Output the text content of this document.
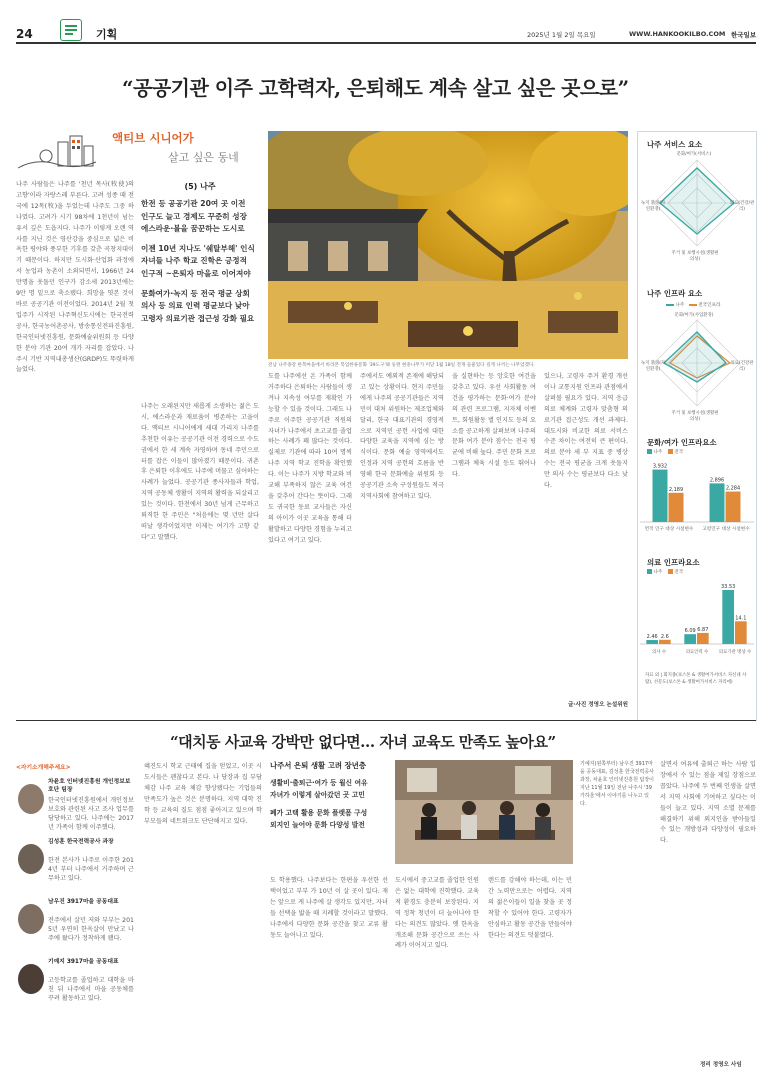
24	기획	2025년 1월 2일 목요일	WWW.HANKOOKILBO.COM 한국일보
“공공기관 이주 고학력자, 은퇴해도 계속 살고 싶은 곳으로”
액티브 시니어가
살고 싶은 동네
나주 사람들은 나주를 '천년 목사(牧使)의 고향'이라 자랑스레 부른다. 고려 성종 때 전국에 12목(牧)을 두었는데 나주도 그중 하나였다. 고려가 시기 98차에 1천년이 넘는 유서 깊은 도읍지다. 나주가 이렇게 오랜 역사를 지닌 것은 영산강을 중심으로 넓은 비옥한 평야와 풍부한 기후를 갖춘 곡창지대이기 때문이다. 하지만 도시화·산업화 과정에서 농업과 농촌이 소외되면서, 1966년 24만명을 웃돌던 인구가 감소세 2013년에는 9만 명 밑으로 축소됐다. 희망을 엿본 것이 바로 공공기관 이전이었다. 2014년 2월 첫 입주가 시작된 나주혁신도시에는 한국전력공사, 한국농어촌공사, 방송통신전파진흥원, 한국인터넷진흥원, 문화예술위원회 등 다양한 분야 기관 20여 개가 자리를 잡았다. 나주시 기반 지역내총생산(GRDP)도 뚜렷하게 늘었다.
나주는 오래된지만 새롭게 소생하는 젊은 도시, 에스라운과 재료움이 병존하는 고을이다. 액티브 시니어에게 세대 가리지 나주를 추천한 이유는 공공기관 이전 경력으로 수도권에서 한 세 계속 자영하며 동네 주민으로 터를 잡은 이들이 많아졌기 때문이다. 귀촌 후 은퇴한 이후에도 나주에 머물고 싶어하는 사례가 늘었다. 공공기관 종사자들과 학업, 지역 공동체 생활이 지역의 활력을 되살리고 있는 것이다. 한전에서 30년 넘게 근무하고 퇴직한 한 주민은 "처음에는 몇 년만 살다 떠날 생각이었지만 이제는 여기가 고향 같다"고 말했다.
(5) 나주
한전 등 공공기관 20여 곳 이전
인구도 늘고 경제도 꾸준히 성장
에스라운·볼을 꿈꾼하는 도시로
이젠 10년 지나도 '쉐탈부해' 인식
자녀들 나주 학교 진학은 긍정적
인구적 ~은퇴자 마을로 이어져야
문화여가·녹지 등 전국 평균 상회
의사 등 의료 인력 평균보다 낮아
고령자 의료기관 접근성 강화 필요
전남 나주종강 한복마을에서 바라본 복업한류문화 '39도구'봐 둥뛴 현중나무가 미닫 1월 18일 전개 들물있다 깊게 나끼는 나무었겠다.
도를 나주에선 온 가족이 함께 거주하다 은퇴하는 사람들이 생겨나 지속성 여부를 재확인 가능할 수 있을 것이다. 그래도 나주로 이주한 공공기관 직원의 자녀가 나주에서 초고교를 졸업하는 사례가 꽤 많다는 것이다. 실제로 기관에 따라 10여 명씩 나주 지역 학교 진학을 확인했다. 이는 나주가 지방 학교와 비교해 부족하지 않은 교육 여건을 갖추어 간다는 뜻이다. 그래도 귀국한 동료 교사들은 자신의 아이가 이곳 교육을 통해 더 활발하고 다양한 경험을 누리고 있다고 여기고 있다.
주에서도 예외적 존재에 해당되고 있는 상황이다. 현지 주민들에게 나주의 공공기관들은 지역민이 대처 위원하는 제조업체와 달리, 한국 대표기관의 경영적으로 지역민 공헌 사업에 대한 다양한 교육을 지역에 심는 방식이다. 문화 예술 영역에서도 인정과 지역 공헌의 흐름을 반영해 한국 문화예술 위원회 등 공공기관 소속 구성원들도 적극 지역사회에 참여하고 있다.
을 실현하는 등 앙호한 여건을 갖추고 있다. 우선 사회활동 여건을 평가하는 문화·여가 분야의 관련 프로그램, 지자체 이벤트, 회원활동 별 인지도 등의 요소를 공고하게 살펴보며 나주의 문화 여가 분야 점수는 전국 평균에 비해 높다. 주민 문화 프로그램과 체육 시설 등도 뛰어나다.
있으나, 고령자 주거 환경 개선이나 교통지원 인프라 관점에서 살펴볼 필요가 있다. 지역 응급 의료 체계와 고령자 맞춤형 의료기관 접근성도 개선 과제다. 대도시와 비교한 의료 서비스 수준 차이는 여전히 큰 편이다. 의료 분야 세 부 지표 중 병상 수는 전국 평균을 크게 웃돌지만 의사 수는 평균보다 다소 낮다.
글·사진 정영오 논설위원
나주 서비스 요소
문화/여가(서비스)
의료(건강/관리)
주거 및 보행시설(생활편의성)
녹지 환경(자연환경)
나주 인프라 요소
나주	전국인프라
문화/여가(사업환경)
의료(건강관리)
주거 및 보행시설(생활편의성)
녹지 환경(자연환경)
문화/여가 인프라요소
나주	전국
3,932
2,189
2,896
2,284
면적 인구 대상 시설현수	고령인구 대상 시설현수
의료 인프라요소
나주	전국
2.46 2.6
6.09 6.87
33.53
14.1
의사 수	의료인력 수	의료기관 병상 수
자료 외 | 회지종(보스톤 & 생활여가서비스 자신네 사람), 선문도(보스톤 & 생활여가서비스 자리에)
“대치동 사교육 강박만 없다면… 자녀 교육도 만족도 높아요”
<자기소개해주세요>
차윤호 인터넷진흥원 개인정보보호단 팀장
한국인터넷진흥원에서 개인정보 보호와 관련된 사고 조사 업무를 담당하고 있다. 나주에는 2017년 가족이 함께 이주했다.
김성훈 한국전력공사 과장
한전 본사가 나주로 이주한 2014년 부터 나주에서 거주하며 근무하고 있다.
남우진 3917마을 공동대표
전주에서 살던 저와 부부는 2015년 우연히 한옥살이 만났고 나주에 왔다가 정착하게 됐다.
기예지 3917마을 공동대표
고등학교를 졸업하고 대학을 마친 뒤 나주에서 마을 공동체를 꾸려 활동하고 있다.
혜진도시 학교 근태에 집을 얻었고, 이곳 시 도시들은 괜찮다고 본다. 나 당장과 집 부담 체감 나주 교육 체감 향상됐다는 기업들의 만족도가 높은 것은 분명하다. 지역 대학 진학 등 교육의 질도 점점 좋아지고 있으며 학부모들의 네트워크도 단단해지고 있다.
나주서 은퇴 생활 고려 장년층
생활비·출퇴근·여가 등 월신 여유
자녀가 이렇게 살아갔던 곳 고민
폐가 고택 활용 문화 플랫폼 구성
외지인 늘어야 문화 다양성 발전
도 학용했다. 나주보다는 한편을 우선한 선택이었고 부부 가 10년 이 살 곳이 있다. 재는 앞으로 게 나주에 살 생각도 있지만, 자녀들 선택을 밟을 때 지례할 것이라고 말했다. 나주에서 다양한 문화 공간을 찾고 교류 활동도 늘어나고 있다.
기예지(왼쪽부터) 남우진 3917마을 공동대표, 김성훈 한국전력공사 과장, 차윤호 인터넷진흥원 팀장이 지난 11월 19일 전남 나주시 '39가하울'에서 이야기를 나누고 있다.
도시에서 중고교를 졸업한 인원은 없는 대학에 진학했다. 교육적 환경도 충분히 보장된다. 지역 정착 청년이 더 늘어나야 한다는 의견도 많았다. 옛 한옥을 개조해 문화 공간으로 쓰는 사례가 이어지고 있다.
랜드를 강해야 하는데, 이는 민간 노력만으로는 어렵다. 지역의 젊은이들이 일을 찾을 곳 정착할 수 있어야 한다. 고령자가 안심하고 활동 공간을 만들어야 한다는 의견도 덧붙였다.
살면서 여유에 출퇴근 하는 사람 입장에서 수 있는 점을 제일 장점으로 꼽았다. 나주에 두 번째 인생을 살면서 지역 사회에 기여하고 싶다는 이들이 늘고 있다. 지역 소멸 문제를 해결하기 위해 외지인을 받아들일 수 있는 개방성과 다양성이 필요하다.
정리 정영오 사임
